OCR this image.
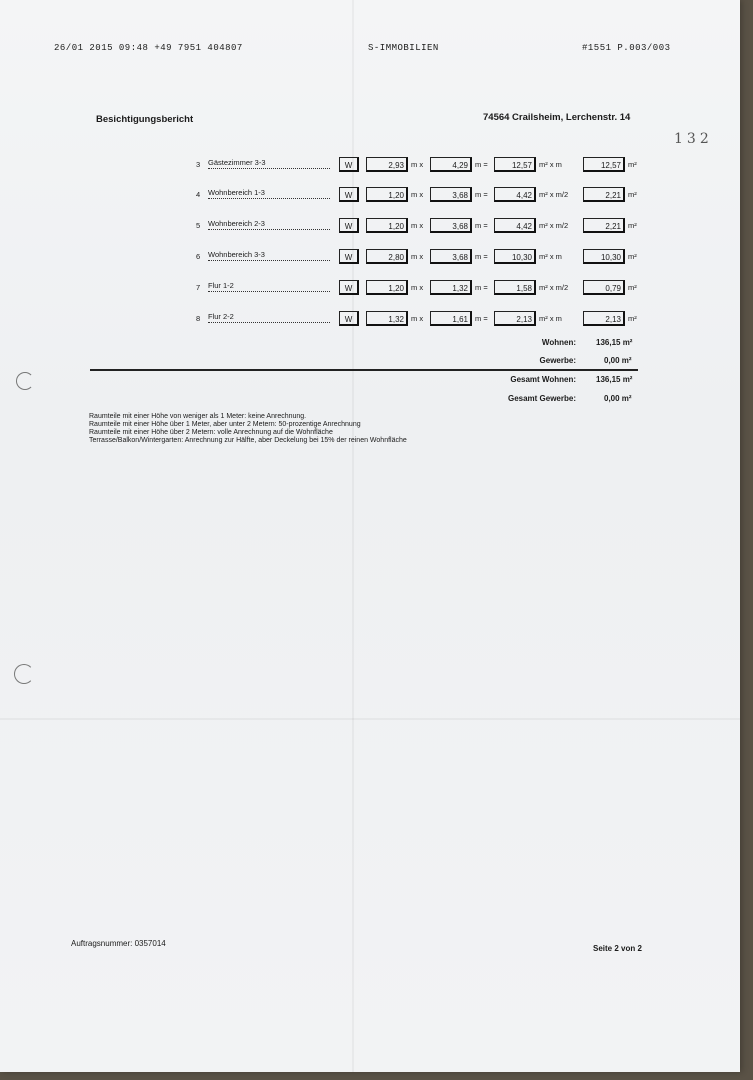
26/01 2015 09:48 +49 7951 404807	S-IMMOBILIEN	#1551 P.003/003
Besichtigungsbericht	74564 Crailsheim, Lerchenstr. 14
132
3 Gästezimmer 3-3	W	2,93 m x	4,29 m =	12,57 m² x m	12,57 m²
4 Wohnbereich 1-3	W	1,20 m x	3,68 m =	4,42 m² x m/2	2,21 m²
5 Wohnbereich 2-3	W	1,20 m x	3,68 m =	4,42 m² x m/2	2,21 m²
6 Wohnbereich 3-3	W	2,80 m x	3,68 m =	10,30 m² x m	10,30 m²
7 Flur 1-2	W	1,20 m x	1,32 m =	1,58 m² x m/2	0,79 m²
8 Flur 2-2	W	1,32 m x	1,61 m =	2,13 m² x m	2,13 m²
Wohnen:	136,15 m²
Gewerbe:	0,00 m²
Gesamt Wohnen:	136,15 m²
Gesamt Gewerbe:	0,00 m²
Raumteile mit einer Höhe von weniger als 1 Meter: keine Anrechnung.
Raumteile mit einer Höhe über 1 Meter, aber unter 2 Metern: 50-prozentige Anrechnung
Raumteile mit einer Höhe über 2 Metern: volle Anrechnung auf die Wohnfläche
Terrasse/Balkon/Wintergarten: Anrechnung zur Hälfte, aber Deckelung bei 15% der reinen Wohnfläche
Auftragsnummer: 0357014
Seite 2 von 2
